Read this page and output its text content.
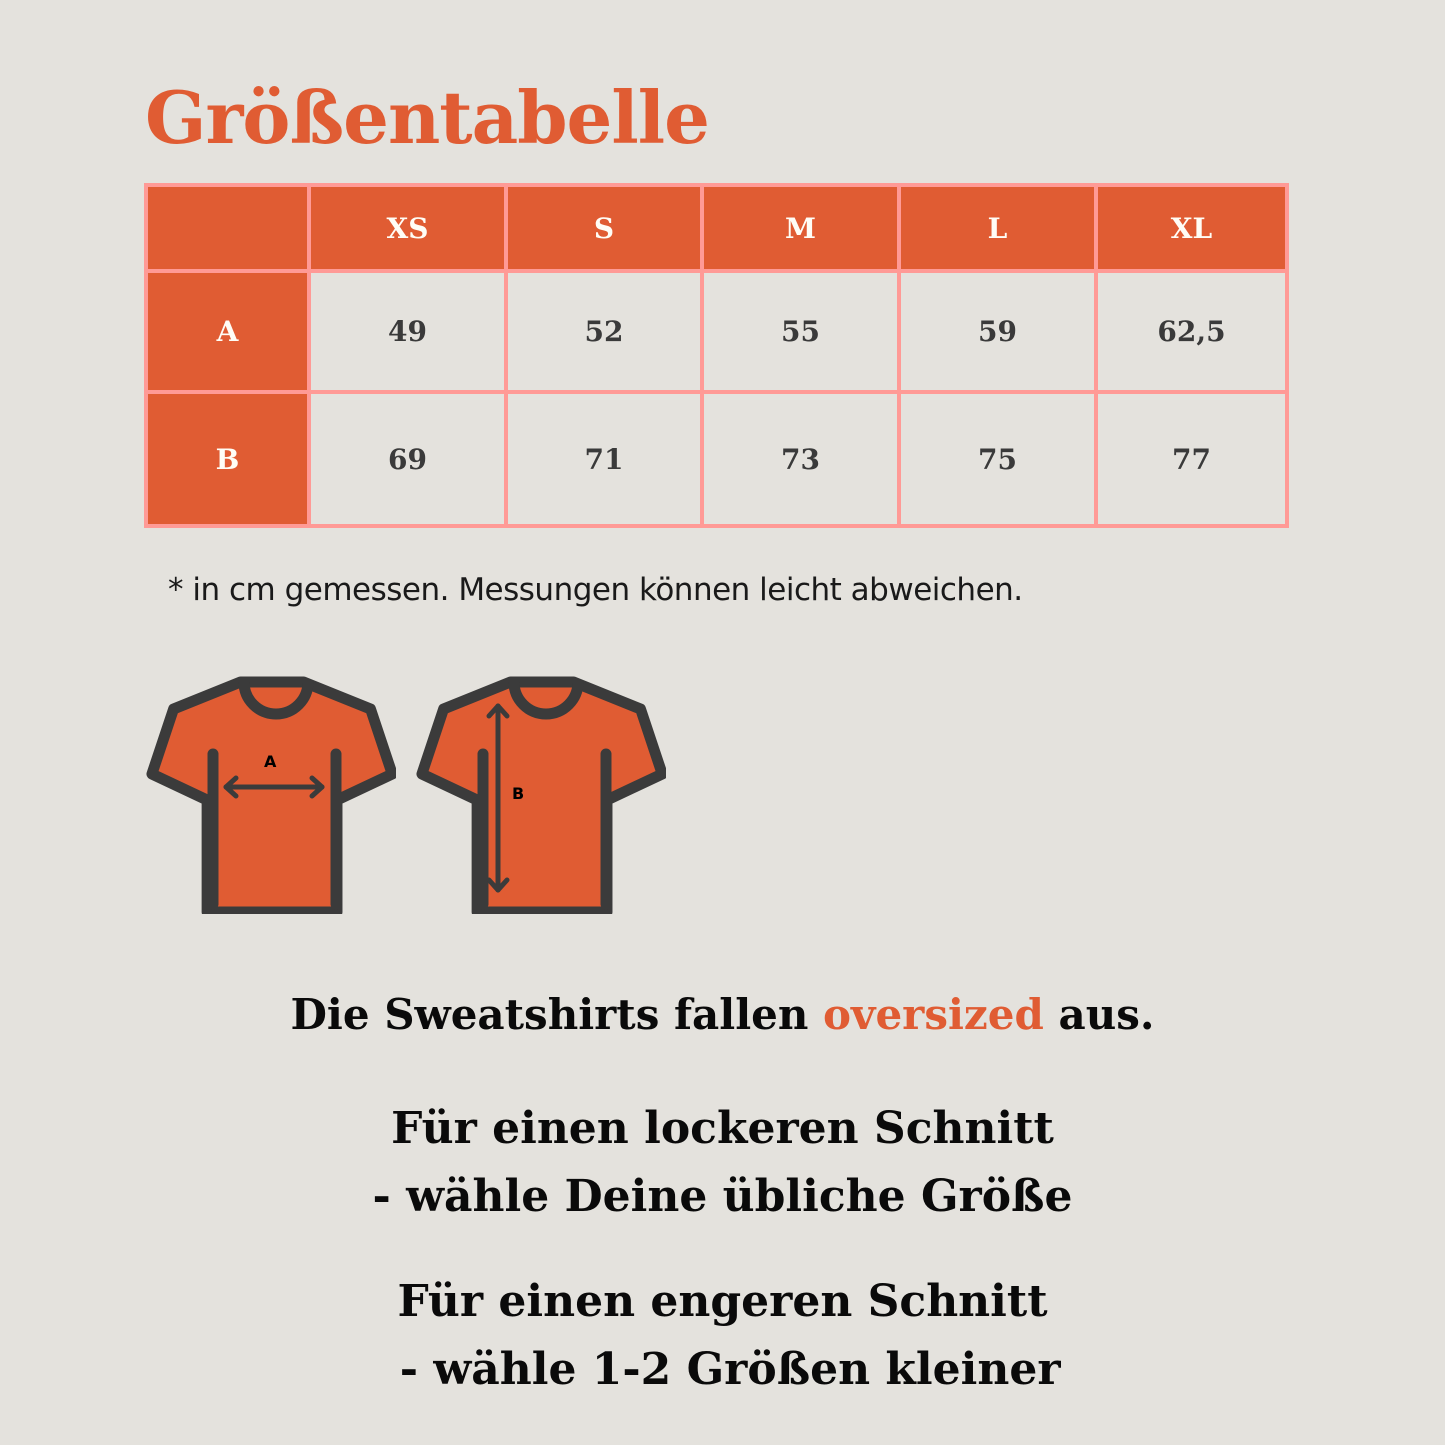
Größentabelle
	XS	S	M	L	XL
A	49	52	55	59	62,5
B	69	71	73	75	77
* in cm gemessen. Messungen können leicht abweichen.
A
B

Die Sweatshirts fallen oversized aus.

Für einen lockeren Schnitt
- wähle Deine übliche Größe
Für einen engeren Schnitt
- wähle 1-2 Größen kleiner
